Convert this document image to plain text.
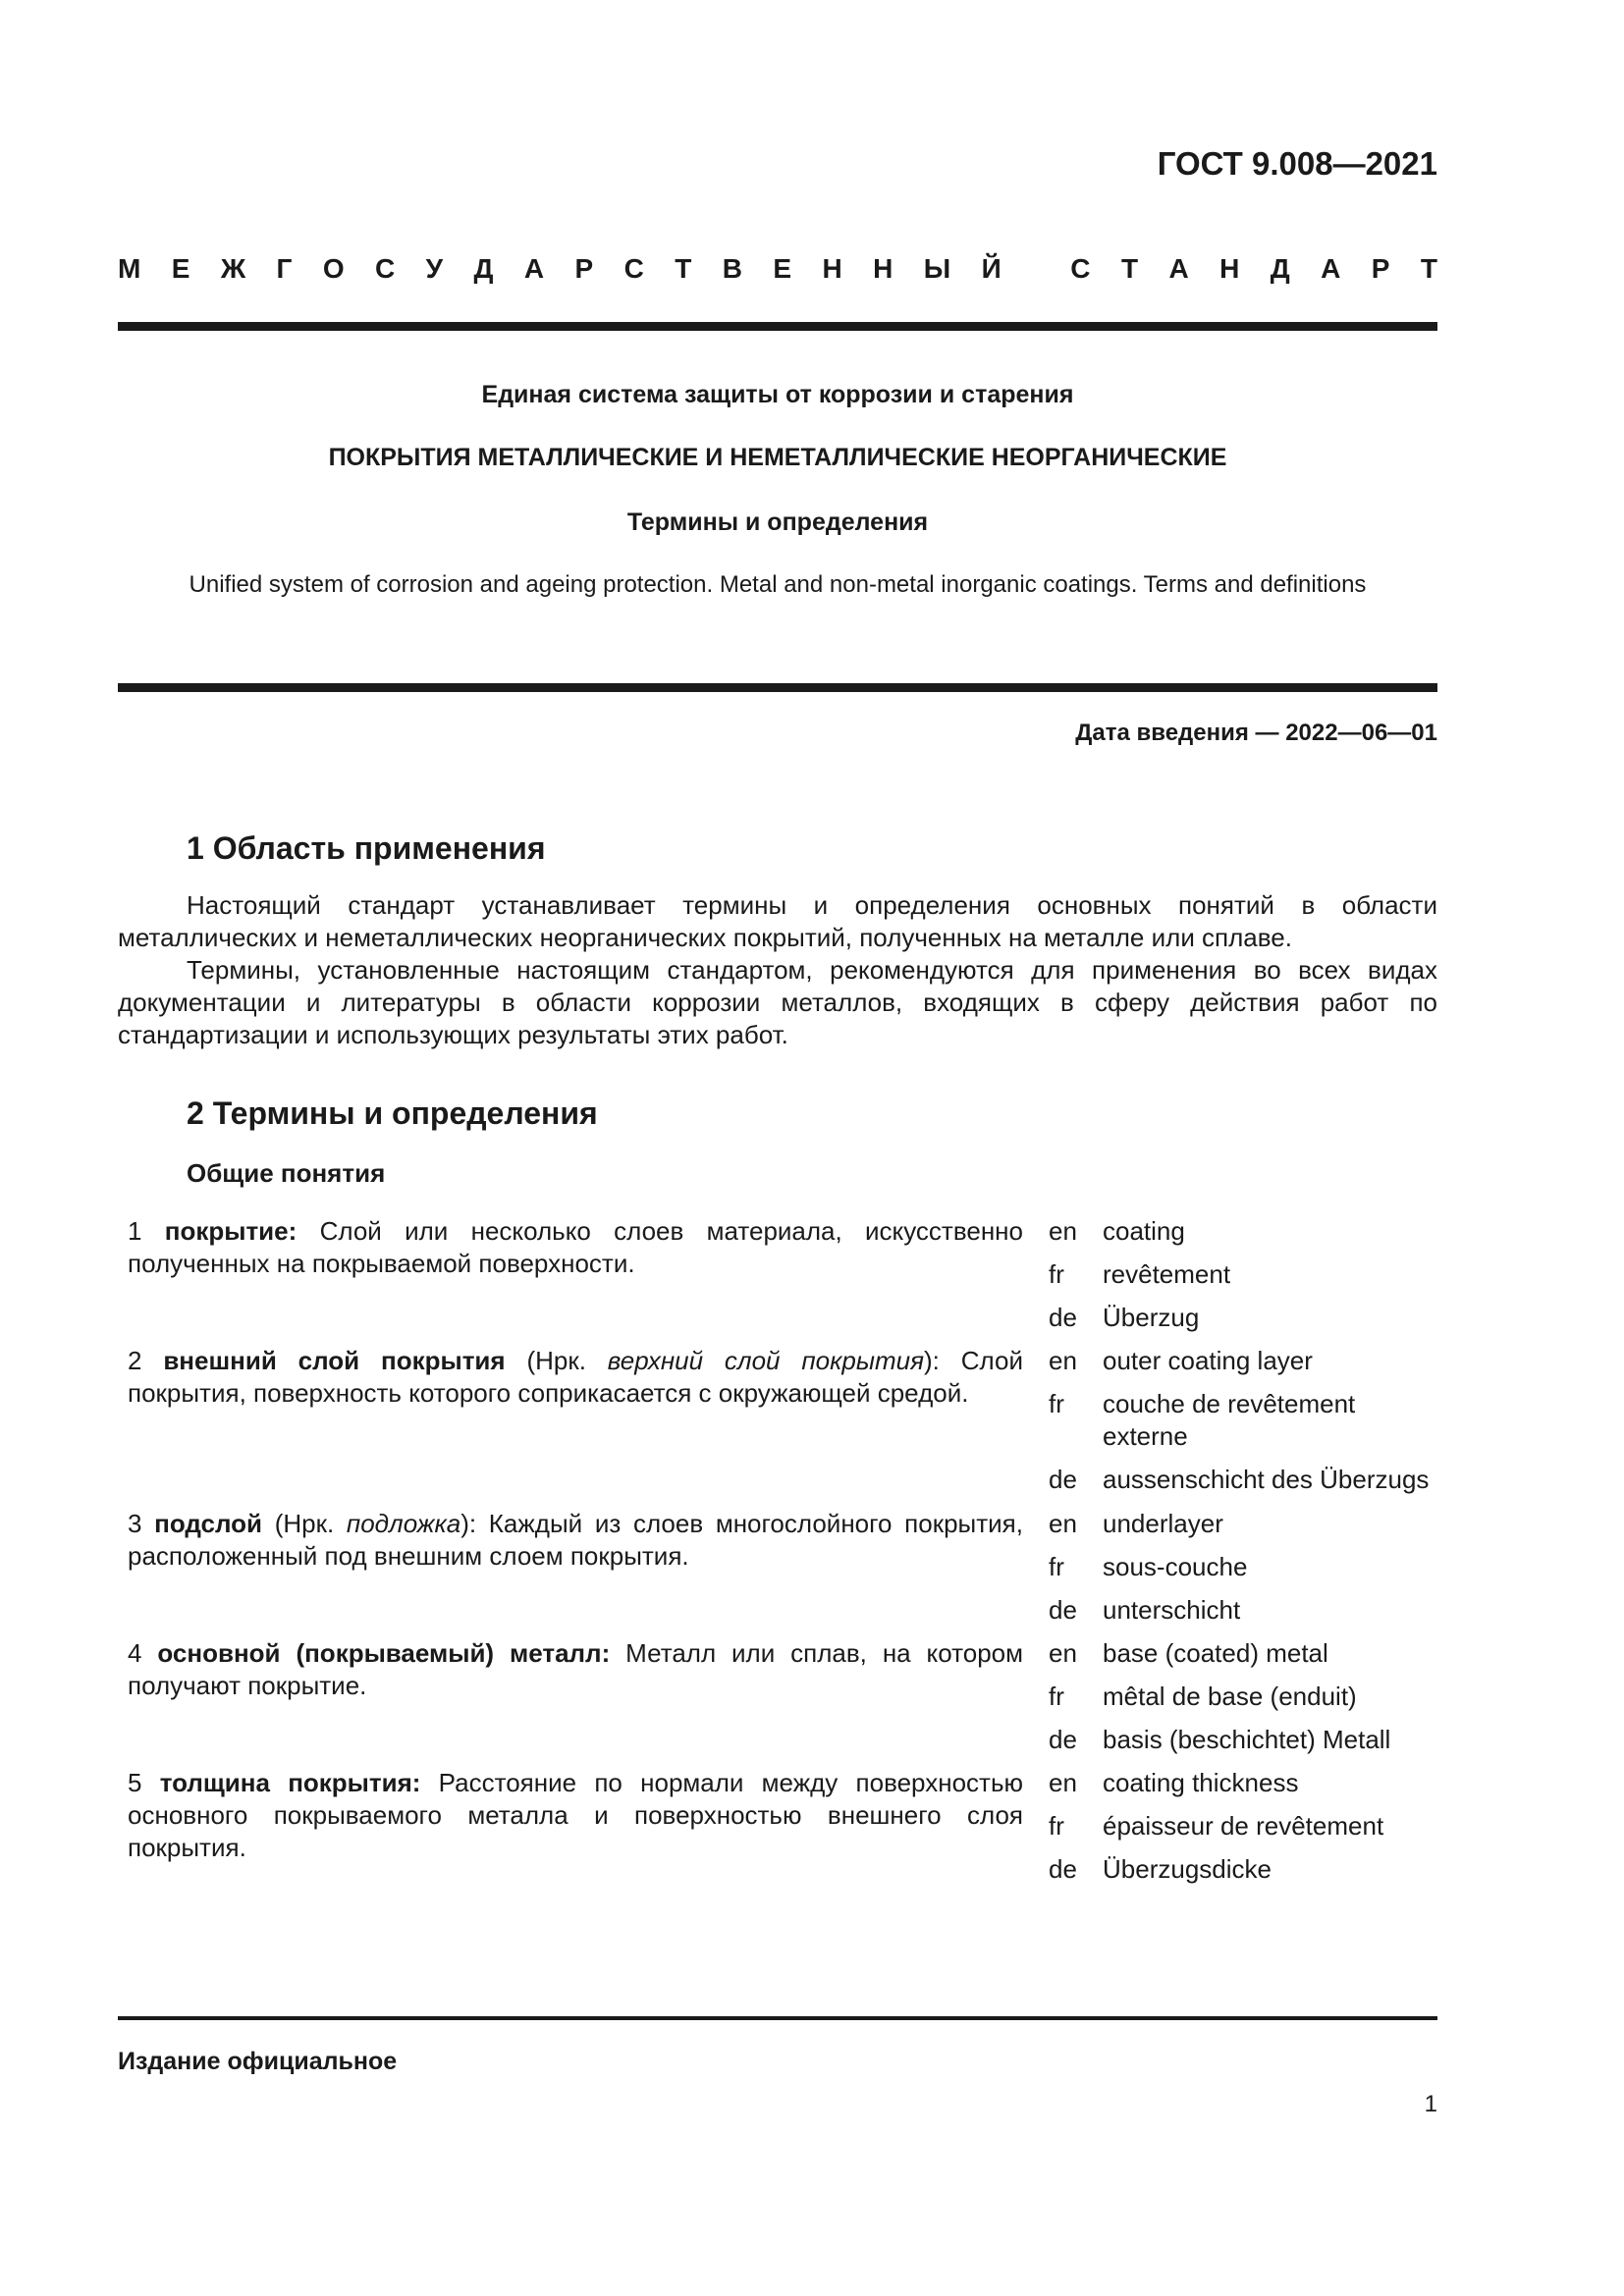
ГОСТ 9.008—2021
М Е Ж Г О С У Д А Р С Т В Е Н Н Ы Й
	С Т А Н Д А Р Т
Единая система защиты от коррозии и старения
ПОКРЫТИЯ МЕТАЛЛИЧЕСКИЕ И НЕМЕТАЛЛИЧЕСКИЕ НЕОРГАНИЧЕСКИЕ
Термины и определения
Unified system of corrosion and ageing protection. Metal and non-metal inorganic coatings. Terms and definitions
Дата введения — 2022—06—01
1 Область применения
Настоящий стандарт устанавливает термины и определения основных понятий в области металлических и неметаллических неорганических покрытий, полученных на металле или сплаве.
Термины, установленные настоящим стандартом, рекомендуются для применения во всех видах документации и литературы в области коррозии металлов, входящих в сферу действия работ по стандартизации и использующих результаты этих работ.
2 Термины и определения
Общие понятия
1 покрытие: Слой или несколько слоев материала, искусственно полученных на покрываемой поверхности.
en coating
fr revêtement
de Überzug
2 внешний слой покрытия (Нрк. верхний слой покрытия): Слой покрытия, поверхность которого соприкасается с окружающей средой.
en outer coating layer
fr couche de revêtement externe
de aussenschicht des Überzugs
3 подслой (Нрк. подложка): Каждый из слоев многослойного покрытия, расположенный под внешним слоем покрытия.
en underlayer
fr sous-couche
de unterschicht
4 основной (покрываемый) металл: Металл или сплав, на котором получают покрытие.
en base (coated) metal
fr mêtal de base (enduit)
de basis (beschichtet) Metall
5 толщина покрытия: Расстояние по нормали между поверхностью основного покрываемого металла и поверхностью внешнего слоя покрытия.
en coating thickness
fr épaisseur de revêtement
de Überzugsdicke
Издание официальное
1
